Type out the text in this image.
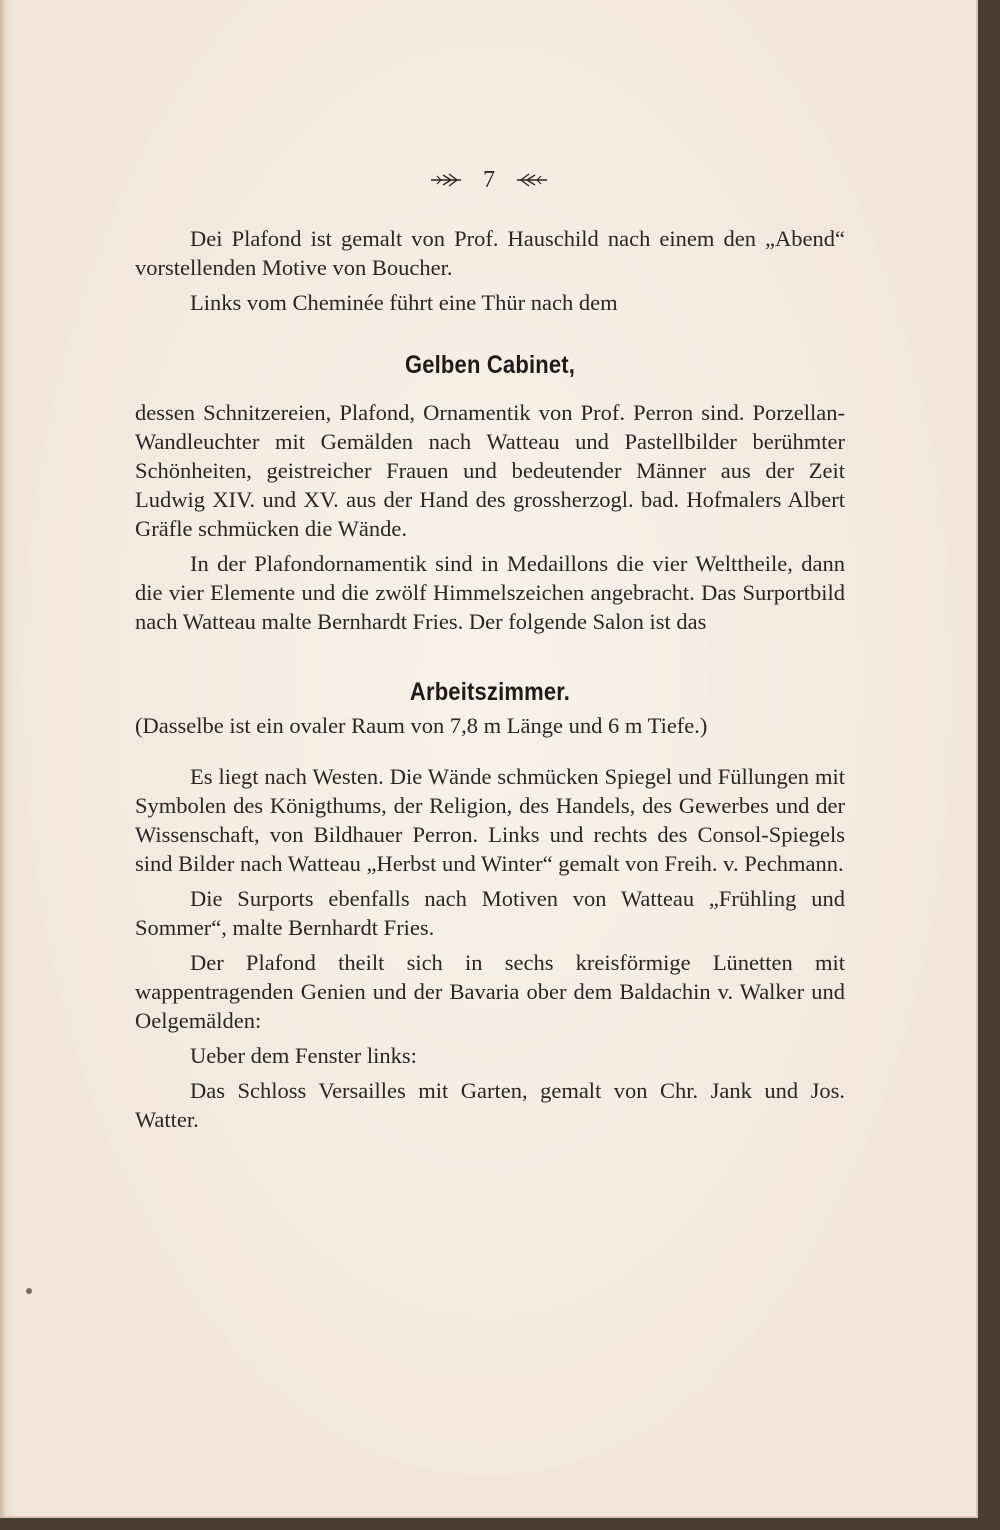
7

Dei Plafond ist gemalt von Prof. Hauschild nach einem den „Abend“ vorstellenden Motive von Boucher.

Links vom Cheminée führt eine Thür nach dem

Gelben Cabinet,

dessen Schnitzereien, Plafond, Ornamentik von Prof. Perron sind. Porzellan-Wandleuchter mit Gemälden nach Watteau und Pastellbilder berühmter Schönheiten, geistreicher Frauen und bedeutender Männer aus der Zeit Ludwig XIV. und XV. aus der Hand des grossherzogl. bad. Hofmalers Albert Gräfle schmücken die Wände.

In der Plafondornamentik sind in Medaillons die vier Welttheile, dann die vier Elemente und die zwölf Himmelszeichen angebracht. Das Surportbild nach Watteau malte Bernhardt Fries. Der folgende Salon ist das

Arbeitszimmer.

(Dasselbe ist ein ovaler Raum von 7,8 m Länge und 6 m Tiefe.)

Es liegt nach Westen. Die Wände schmücken Spiegel und Füllungen mit Symbolen des Königthums, der Religion, des Handels, des Gewerbes und der Wissenschaft, von Bildhauer Perron. Links und rechts des Consol-Spiegels sind Bilder nach Watteau „Herbst und Winter“ gemalt von Freih. v. Pechmann.

Die Surports ebenfalls nach Motiven von Watteau „Frühling und Sommer“, malte Bernhardt Fries.

Der Plafond theilt sich in sechs kreisförmige Lünetten mit wappentragenden Genien und der Bavaria ober dem Baldachin v. Walker und Oelgemälden:

Ueber dem Fenster links:

Das Schloss Versailles mit Garten, gemalt von Chr. Jank und Jos. Watter.
